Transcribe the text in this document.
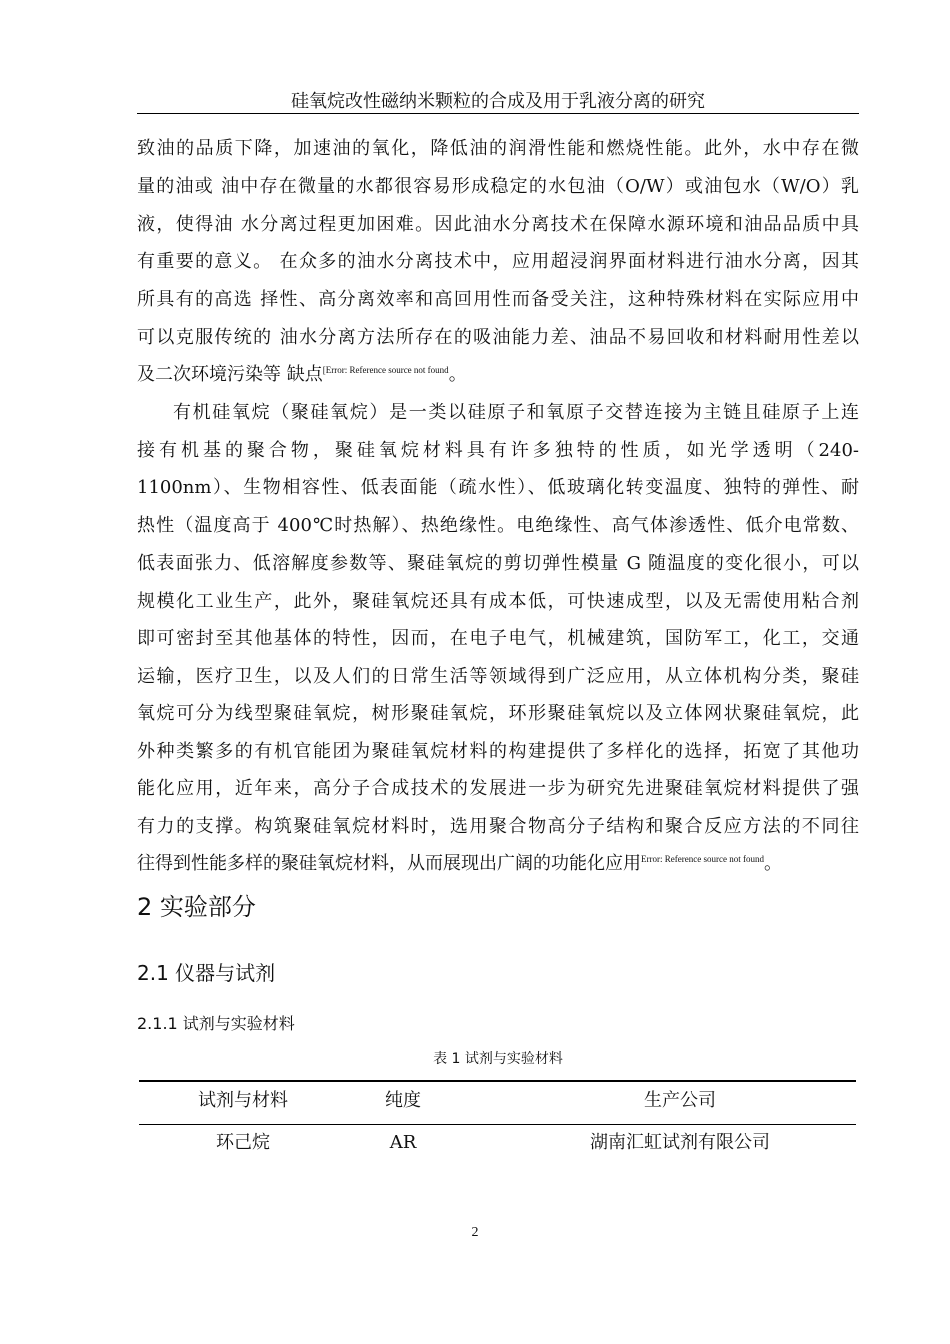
硅氧烷改性磁纳米颗粒的合成及用于乳液分离的研究
致油的品质下降，加速油的氧化，降低油的润滑性能和燃烧性能。此外，水中存在微
量的油或 油中存在微量的水都很容易形成稳定的水包油（O/W）或油包水（W/O）乳
液，使得油 水分离过程更加困难。因此油水分离技术在保障水源环境和油品品质中具
有重要的意义。 在众多的油水分离技术中，应用超浸润界面材料进行油水分离，因其
所具有的高选 择性、高分离效率和高回用性而备受关注，这种特殊材料在实际应用中
可以克服传统的 油水分离方法所存在的吸油能力差、油品不易回收和材料耐用性差以
及二次环境污染等 缺点$^{[Error: Reference source not found}$。
有机硅氧烷（聚硅氧烷）是一类以硅原子和氧原子交替连接为主链且硅原子上连
接有机基的聚合物，聚硅氧烷材料具有许多独特的性质，如光学透明（240-
1100nm）、生物相容性、低表面能（疏水性）、低玻璃化转变温度、独特的弹性、耐
热性（温度高于 400℃时热解）、热绝缘性。电绝缘性、高气体渗透性、低介电常数、
低表面张力、低溶解度参数等、聚硅氧烷的剪切弹性模量 G 随温度的变化很小，可以
规模化工业生产，此外，聚硅氧烷还具有成本低，可快速成型，以及无需使用粘合剂
即可密封至其他基体的特性，因而，在电子电气，机械建筑，国防军工，化工，交通
运输，医疗卫生，以及人们的日常生活等领域得到广泛应用，从立体机构分类，聚硅
氧烷可分为线型聚硅氧烷，树形聚硅氧烷，环形聚硅氧烷以及立体网状聚硅氧烷，此
外种类繁多的有机官能团为聚硅氧烷材料的构建提供了多样化的选择，拓宽了其他功
能化应用，近年来，高分子合成技术的发展进一步为研究先进聚硅氧烷材料提供了强
有力的支撑。构筑聚硅氧烷材料时，选用聚合物高分子结构和聚合反应方法的不同往
往得到性能多样的聚硅氧烷材料，从而展现出广阔的功能化应用$^{Error: Reference source not found}$。
2 实验部分
2.1 仪器与试剂
2.1.1 试剂与实验材料
表 1 试剂与实验材料
试剂与材料	纯度	生产公司
环己烷	AR	湖南汇虹试剂有限公司
2
